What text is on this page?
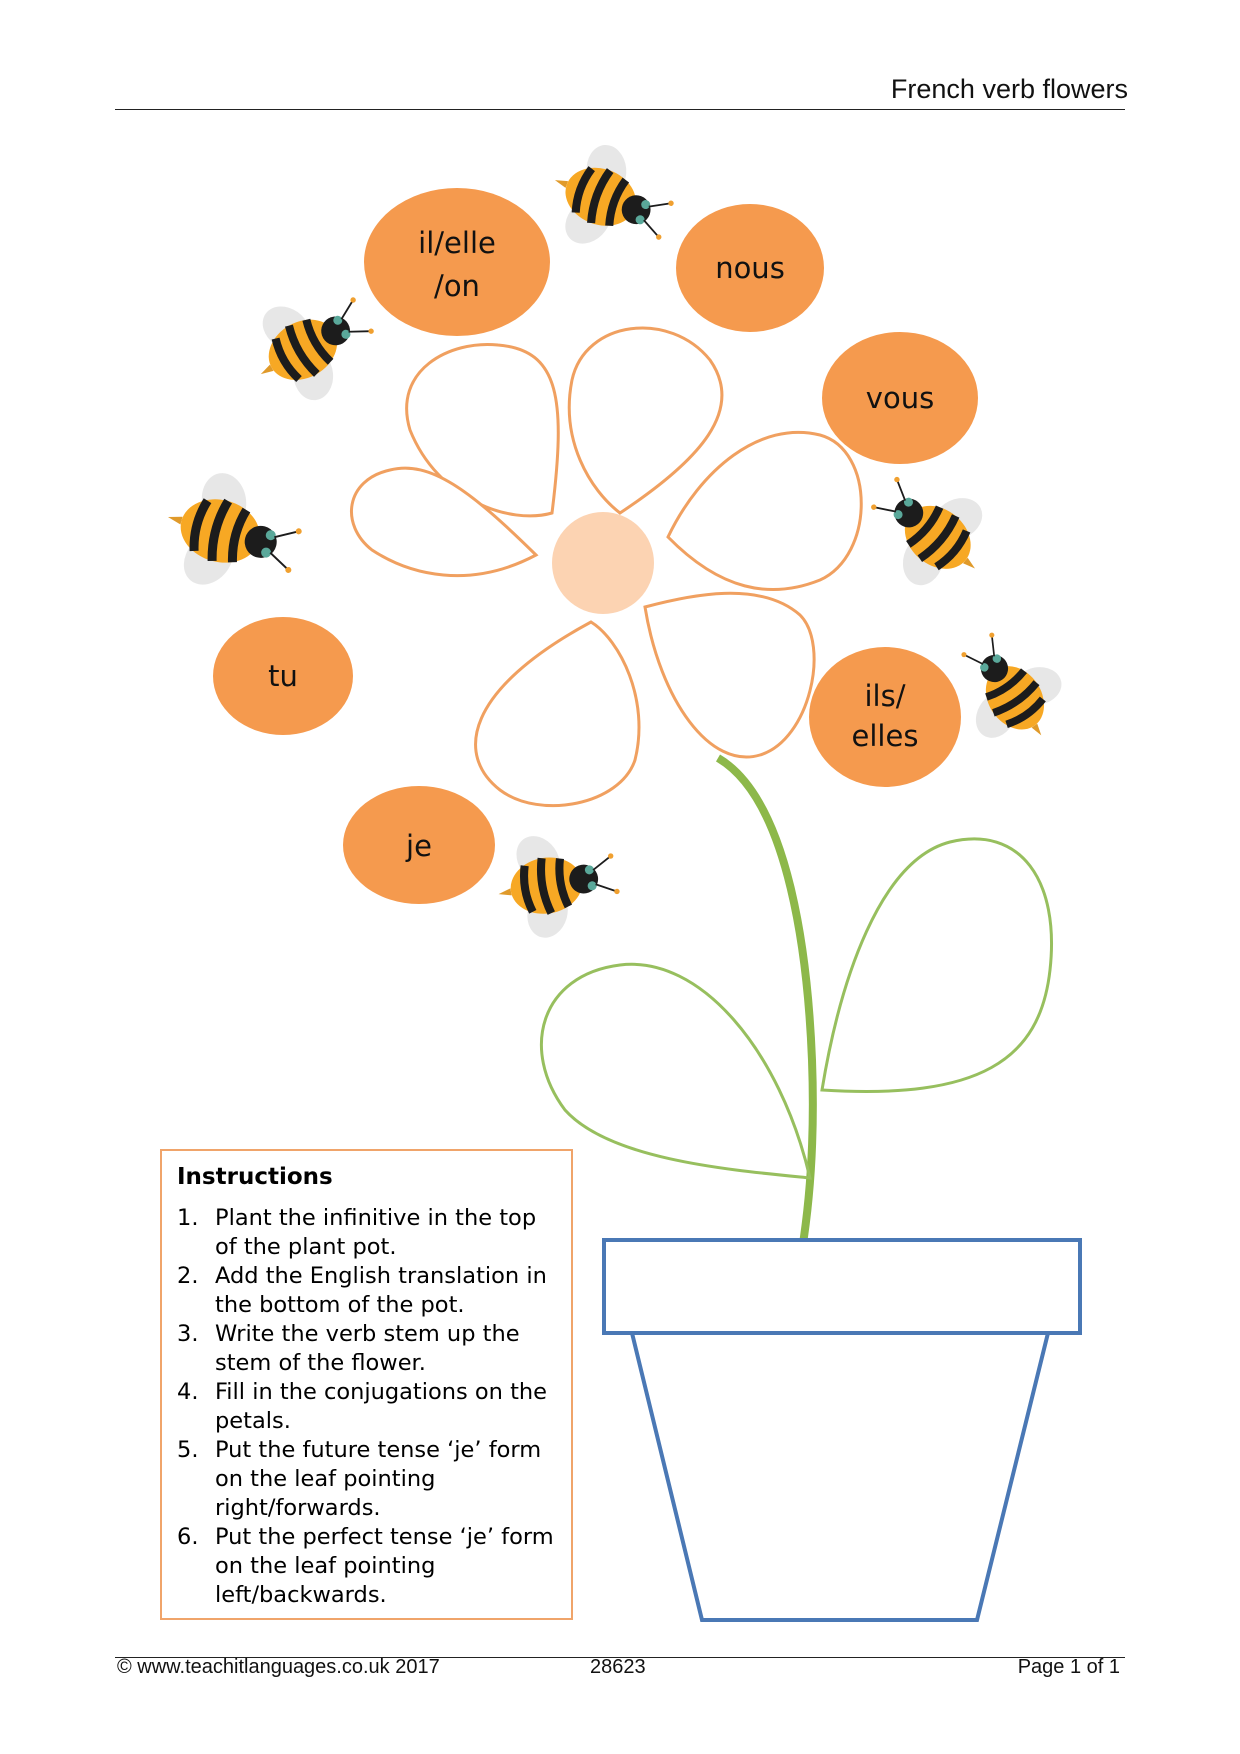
French verb flowers
il/elle
/on
nous
vous
tu
ils/
elles
je
Instructions
1. Plant the infinitive in the top of the plant pot.
2. Add the English translation in the bottom of the pot.
3. Write the verb stem up the stem of the flower.
4. Fill in the conjugations on the petals.
5. Put the future tense ‘je’ form on the leaf pointing right/forwards.
6. Put the perfect tense ‘je’ form on the leaf pointing left/backwards.
© www.teachitlanguages.co.uk 2017	28623	Page 1 of 1
